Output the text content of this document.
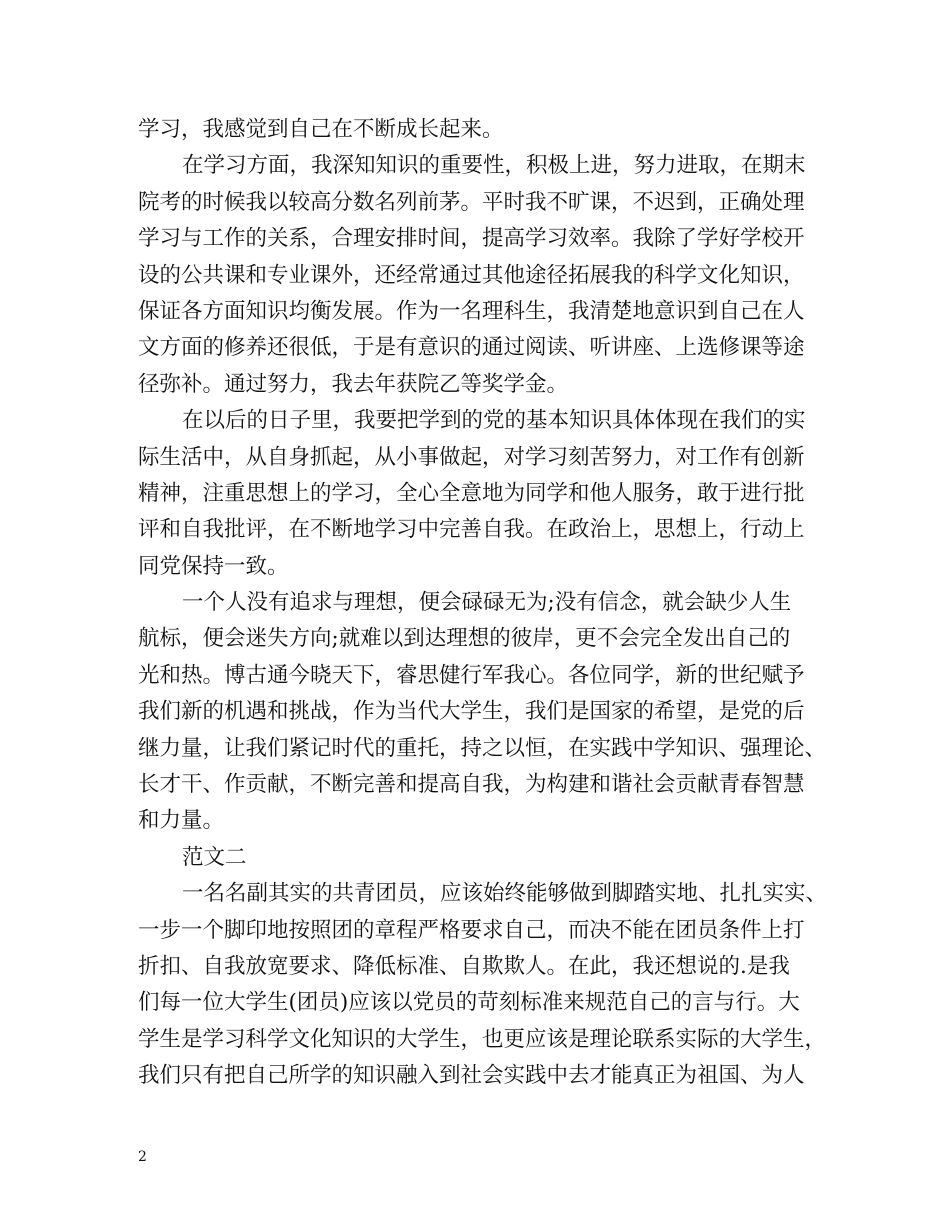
学习，我感觉到自己在不断成长起来。
在学习方面，我深知知识的重要性，积极上进，努力进取，在期末
院考的时候我以较高分数名列前茅。平时我不旷课，不迟到，正确处理
学习与工作的关系，合理安排时间，提高学习效率。我除了学好学校开
设的公共课和专业课外，还经常通过其他途径拓展我的科学文化知识，
保证各方面知识均衡发展。作为一名理科生，我清楚地意识到自己在人
文方面的修养还很低，于是有意识的通过阅读、听讲座、上选修课等途
径弥补。通过努力，我去年获院乙等奖学金。
在以后的日子里，我要把学到的党的基本知识具体体现在我们的实
际生活中，从自身抓起，从小事做起，对学习刻苦努力，对工作有创新
精神，注重思想上的学习，全心全意地为同学和他人服务，敢于进行批
评和自我批评，在不断地学习中完善自我。在政治上，思想上，行动上
同党保持一致。
一个人没有追求与理想，便会碌碌无为;没有信念，就会缺少人生
航标，便会迷失方向;就难以到达理想的彼岸，更不会完全发出自己的
光和热。博古通今晓天下，睿思健行军我心。各位同学，新的世纪赋予
我们新的机遇和挑战，作为当代大学生，我们是国家的希望，是党的后
继力量，让我们紧记时代的重托，持之以恒，在实践中学知识、强理论、
长才干、作贡献，不断完善和提高自我，为构建和谐社会贡献青春智慧
和力量。
范文二
一名名副其实的共青团员，应该始终能够做到脚踏实地、扎扎实实、
一步一个脚印地按照团的章程严格要求自己，而决不能在团员条件上打
折扣、自我放宽要求、降低标准、自欺欺人。在此，我还想说的.是我
们每一位大学生(团员)应该以党员的苛刻标准来规范自己的言与行。大
学生是学习科学文化知识的大学生，也更应该是理论联系实际的大学生，
我们只有把自己所学的知识融入到社会实践中去才能真正为祖国、为人
2
